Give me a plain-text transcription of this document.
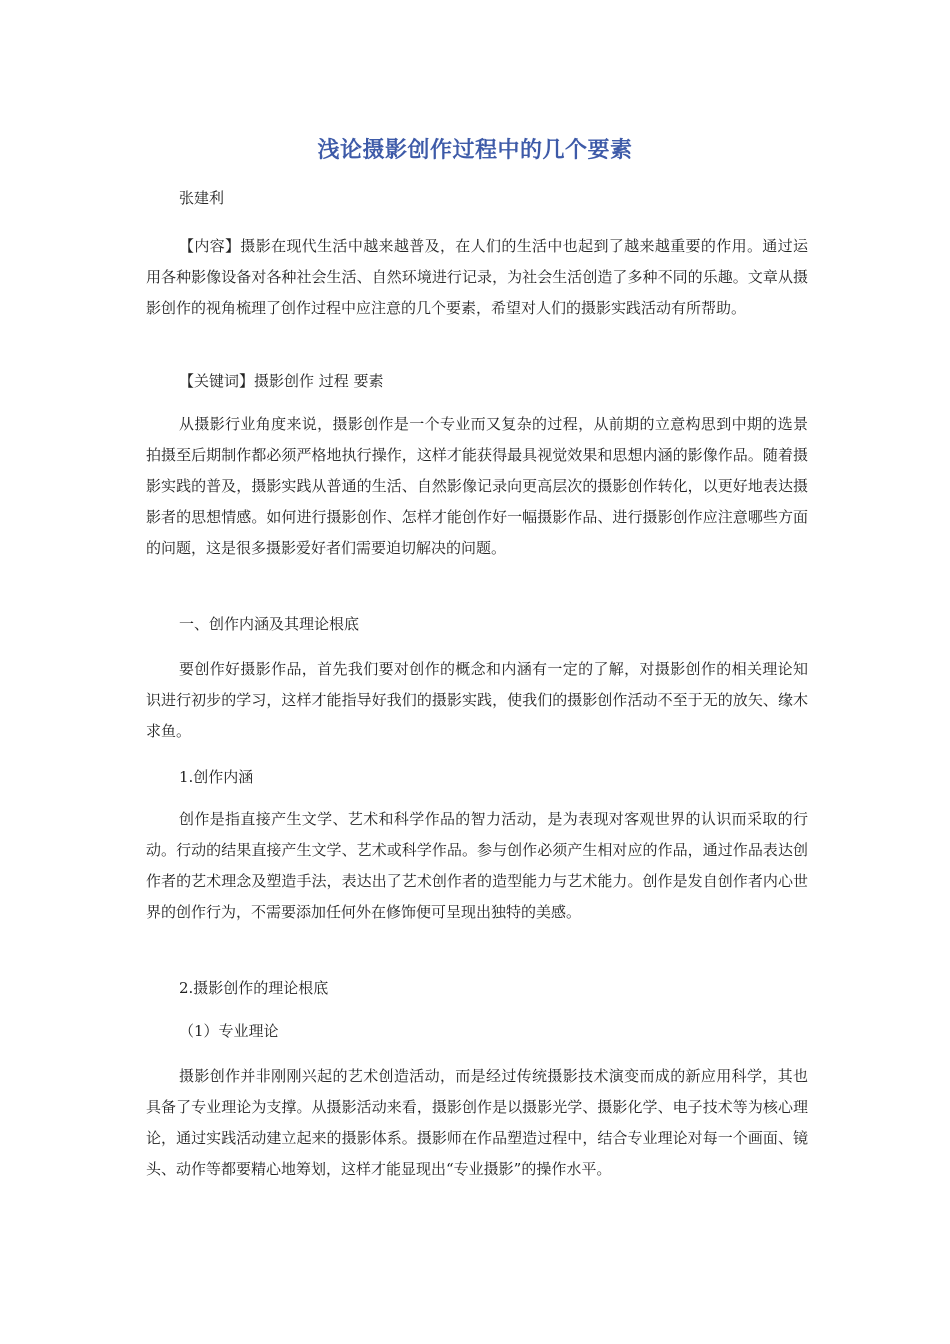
浅论摄影创作过程中的几个要素

张建利

【内容】摄影在现代生活中越来越普及，在人们的生活中也起到了越来越重要的作用。通过运用各种影像设备对各种社会生活、自然环境进行记录，为社会生活创造了多种不同的乐趣。文章从摄影创作的视角梳理了创作过程中应注意的几个要素，希望对人们的摄影实践活动有所帮助。

【关键词】摄影创作 过程 要素

从摄影行业角度来说，摄影创作是一个专业而又复杂的过程，从前期的立意构思到中期的选景拍摄至后期制作都必须严格地执行操作，这样才能获得最具视觉效果和思想内涵的影像作品。随着摄影实践的普及，摄影实践从普通的生活、自然影像记录向更高层次的摄影创作转化，以更好地表达摄影者的思想情感。如何进行摄影创作、怎样才能创作好一幅摄影作品、进行摄影创作应注意哪些方面的问题，这是很多摄影爱好者们需要迫切解决的问题。

一、创作内涵及其理论根底

要创作好摄影作品，首先我们要对创作的概念和内涵有一定的了解，对摄影创作的相关理论知识进行初步的学习，这样才能指导好我们的摄影实践，使我们的摄影创作活动不至于无的放矢、缘木求鱼。

1.创作内涵

创作是指直接产生文学、艺术和科学作品的智力活动，是为表现对客观世界的认识而采取的行动。行动的结果直接产生文学、艺术或科学作品。参与创作必须产生相对应的作品，通过作品表达创作者的艺术理念及塑造手法，表达出了艺术创作者的造型能力与艺术能力。创作是发自创作者内心世界的创作行为，不需要添加任何外在修饰便可呈现出独特的美感。

2.摄影创作的理论根底

（1）专业理论

摄影创作并非刚刚兴起的艺术创造活动，而是经过传统摄影技术演变而成的新应用科学，其也具备了专业理论为支撑。从摄影活动来看，摄影创作是以摄影光学、摄影化学、电子技术等为核心理论，通过实践活动建立起来的摄影体系。摄影师在作品塑造过程中，结合专业理论对每一个画面、镜头、动作等都要精心地筹划，这样才能显现出“专业摄影”的操作水平。
